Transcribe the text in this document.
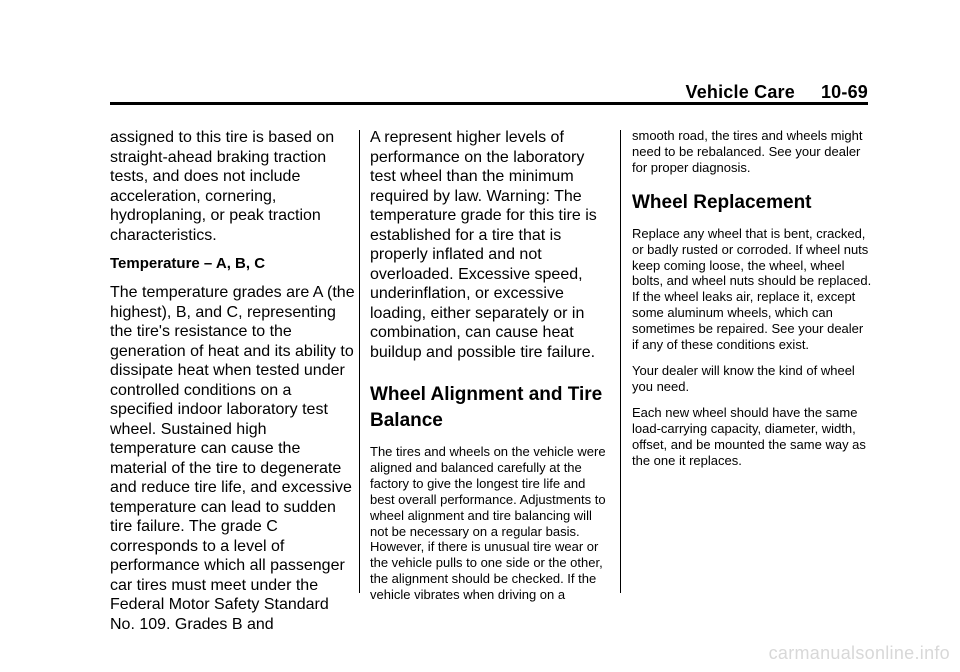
Vehicle Care 10-69

assigned to this tire is based on straight-ahead braking traction tests, and does not include acceleration, cornering, hydroplaning, or peak traction characteristics.

Temperature – A, B, C

The temperature grades are A (the highest), B, and C, representing the tire's resistance to the generation of heat and its ability to dissipate heat when tested under controlled conditions on a specified indoor laboratory test wheel. Sustained high temperature can cause the material of the tire to degenerate and reduce tire life, and excessive temperature can lead to sudden tire failure. The grade C corresponds to a level of performance which all passenger car tires must meet under the Federal Motor Safety Standard No. 109. Grades B and

A represent higher levels of performance on the laboratory test wheel than the minimum required by law. Warning: The temperature grade for this tire is established for a tire that is properly inflated and not overloaded. Excessive speed, underinflation, or excessive loading, either separately or in combination, can cause heat buildup and possible tire failure.

Wheel Alignment and Tire Balance

The tires and wheels on the vehicle were aligned and balanced carefully at the factory to give the longest tire life and best overall performance. Adjustments to wheel alignment and tire balancing will not be necessary on a regular basis. However, if there is unusual tire wear or the vehicle pulls to one side or the other, the alignment should be checked. If the vehicle vibrates when driving on a

smooth road, the tires and wheels might need to be rebalanced. See your dealer for proper diagnosis.

Wheel Replacement

Replace any wheel that is bent, cracked, or badly rusted or corroded. If wheel nuts keep coming loose, the wheel, wheel bolts, and wheel nuts should be replaced. If the wheel leaks air, replace it, except some aluminum wheels, which can sometimes be repaired. See your dealer if any of these conditions exist.

Your dealer will know the kind of wheel you need.

Each new wheel should have the same load-carrying capacity, diameter, width, offset, and be mounted the same way as the one it replaces.

carmanualsonline.info
